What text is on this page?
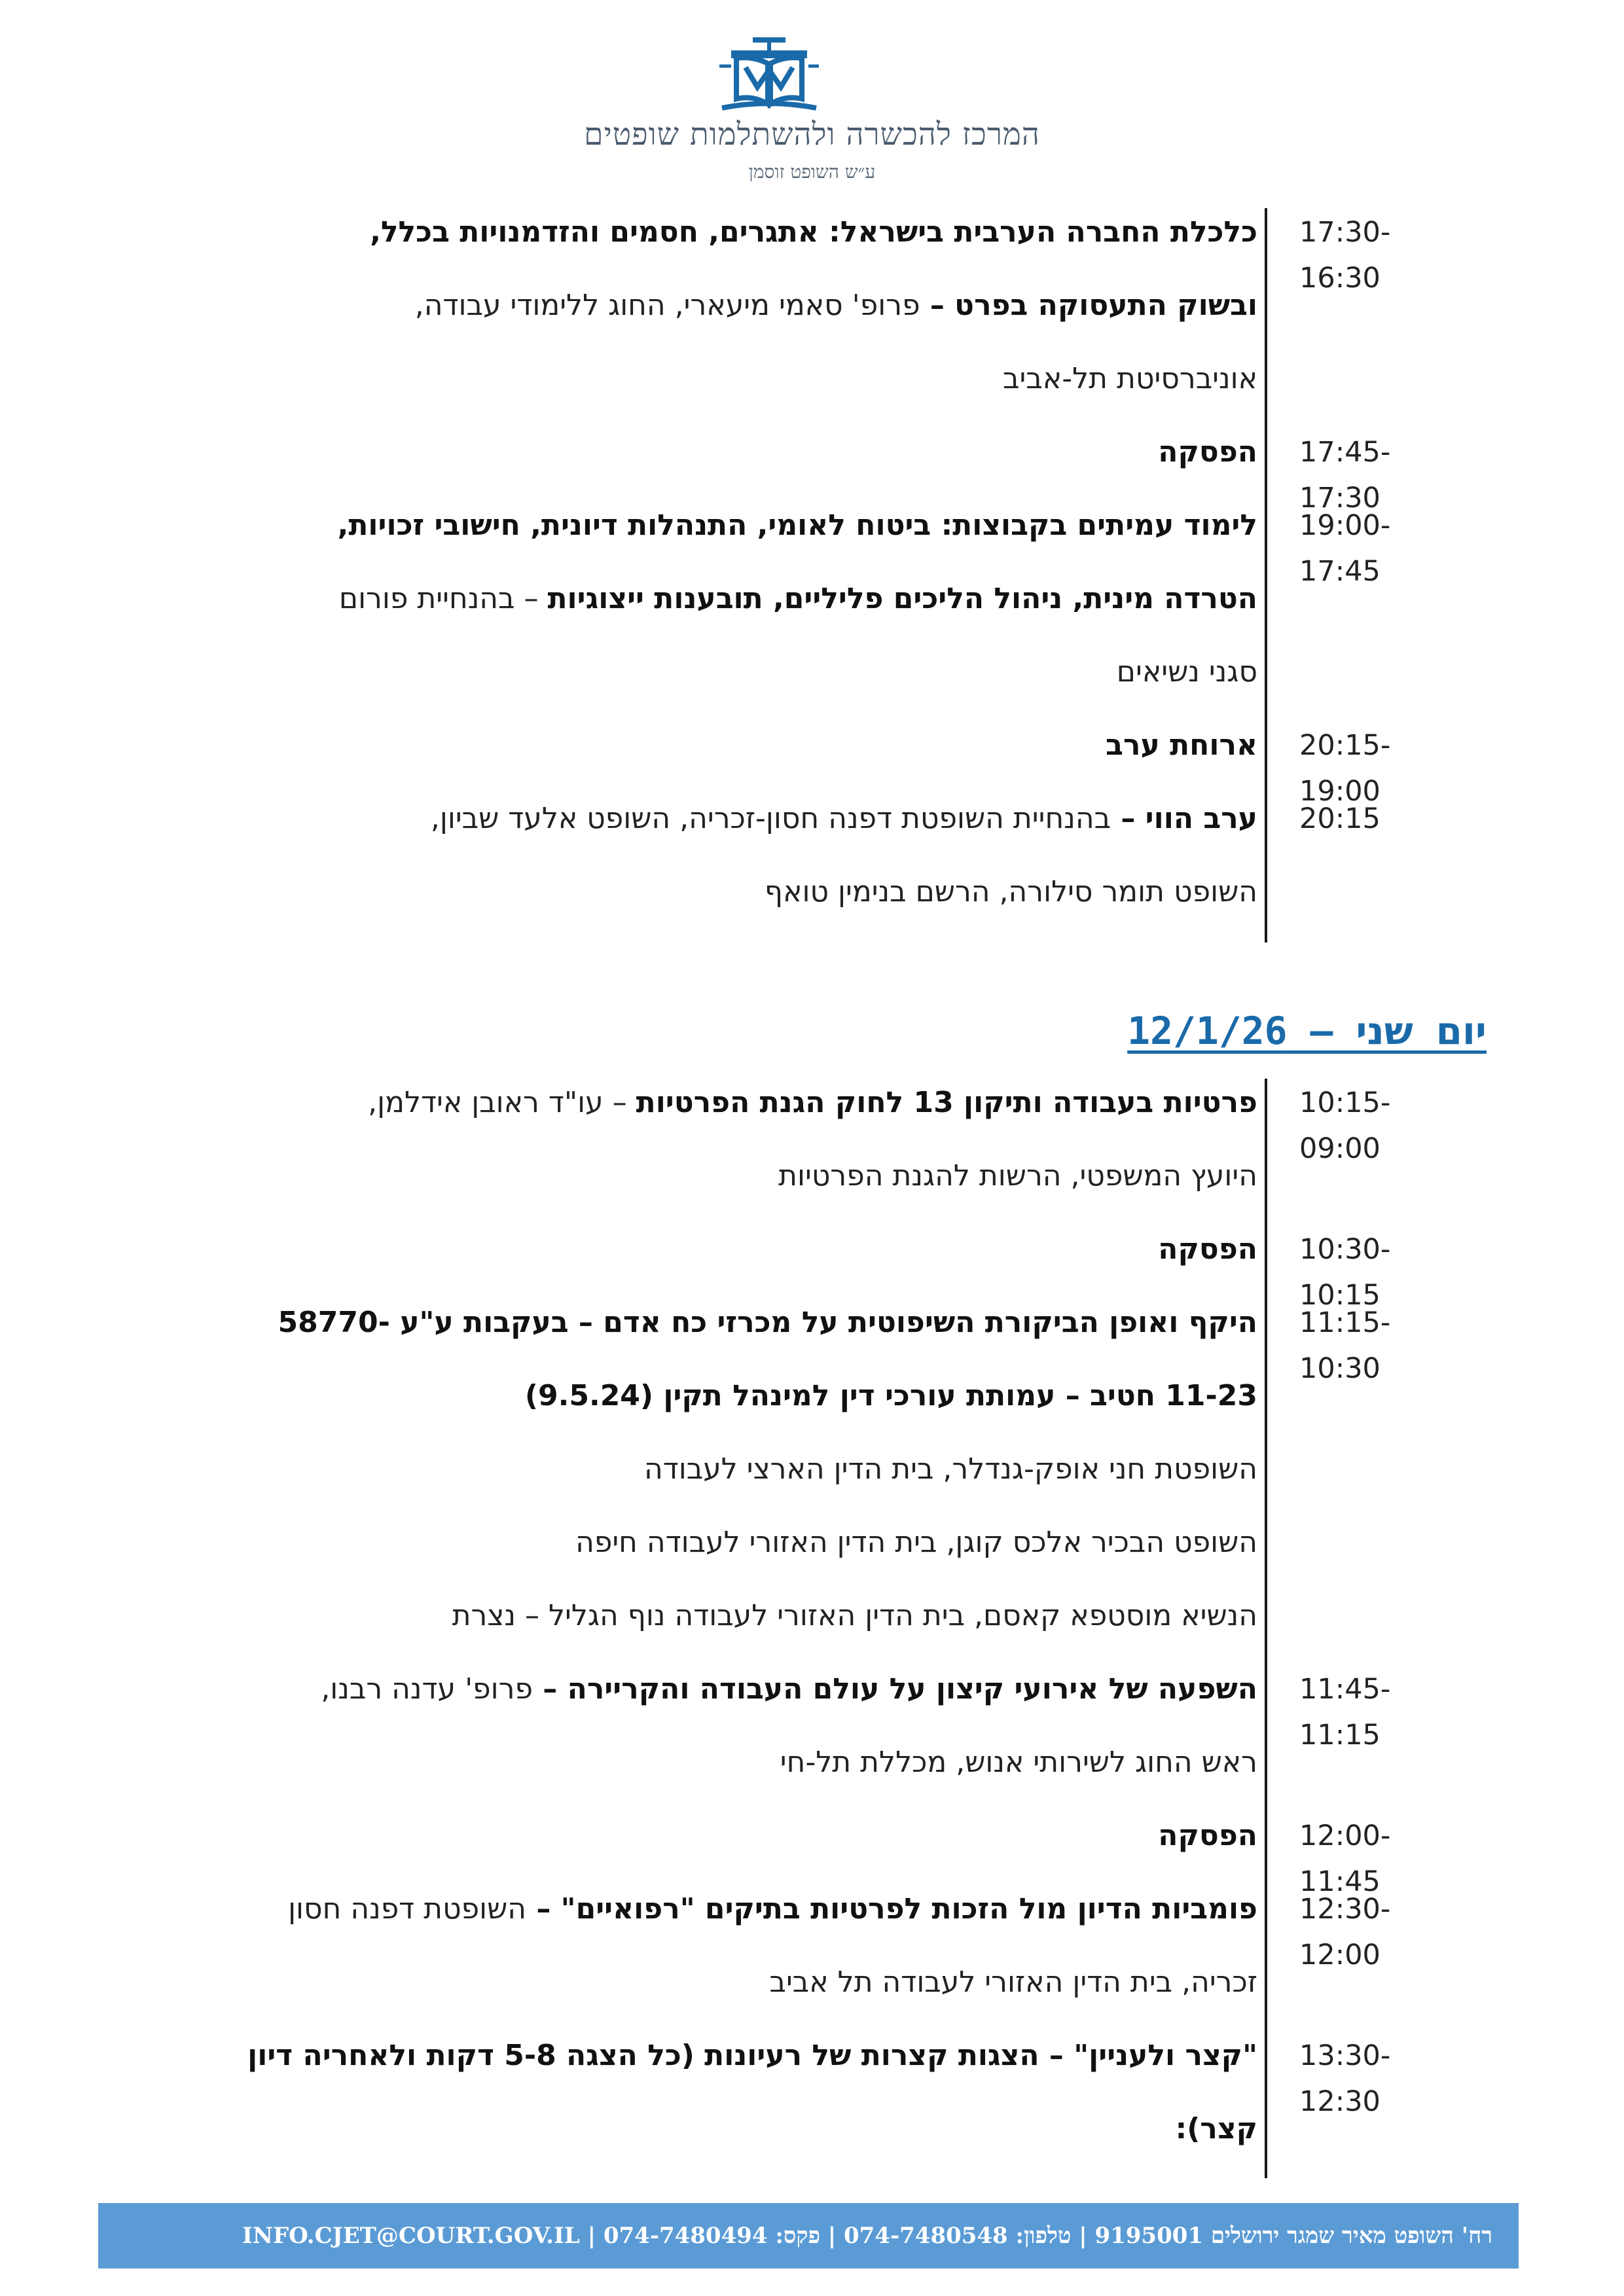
המרכז להכשרה ולהשתלמות שופטים
ע״ש השופט זוסמן
17:30-16:30
כלכלת החברה הערבית בישראל: אתגרים, חסמים והזדמנויות בכלל,
ובשוק התעסוקה בפרט – פרופ' סאמי מיעארי, החוג ללימודי עבודה,
אוניברסיטת תל-אביב
17:45-17:30
הפסקה
19:00-17:45
לימוד עמיתים בקבוצות: ביטוח לאומי, התנהלות דיונית, חישובי זכויות,
הטרדה מינית, ניהול הליכים פליליים, תובענות ייצוגיות – בהנחיית פורום
סגני נשיאים
20:15-19:00
ארוחת ערב
20:15
ערב הווי – בהנחיית השופטת דפנה חסון-זכריה, השופט אלעד שביון,
השופט תומר סילורה, הרשם בנימין טואף
יום שני – 12/1/26
10:15-09:00
פרטיות בעבודה ותיקון 13 לחוק הגנת הפרטיות – עו"ד ראובן אידלמן,
היועץ המשפטי, הרשות להגנת הפרטיות
10:30-10:15
הפסקה
11:15-10:30
היקף ואופן הביקורת השיפוטית על מכרזי כח אדם – בעקבות ע"ע -58770
11-23 חטיב – עמותת עורכי דין למינהל תקין (9.5.24)
השופטת חני אופק-גנדלר, בית הדין הארצי לעבודה
השופט הבכיר אלכס קוגן, בית הדין האזורי לעבודה חיפה
הנשיא מוסטפא קאסם, בית הדין האזורי לעבודה נוף הגליל – נצרת
11:45-11:15
השפעה של אירועי קיצון על עולם העבודה והקריירה – פרופ' עדנה רבנו,
ראש החוג לשירותי אנוש, מכללת תל-חי
12:00-11:45
הפסקה
12:30-12:00
פומביות הדיון מול הזכות לפרטיות בתיקים "רפואיים" – השופטת דפנה חסון
זכריה, בית הדין האזורי לעבודה תל אביב
13:30-12:30
"קצר ולעניין" – הצגות קצרות של רעיונות (כל הצגה 5-8 דקות ולאחריה דיון
קצר):
רח' השופט מאיר שמגר ירושלים 9195001 | טלפון: 074-7480548 | פקס: 074-7480494 | INFO.CJET@COURT.GOV.IL
